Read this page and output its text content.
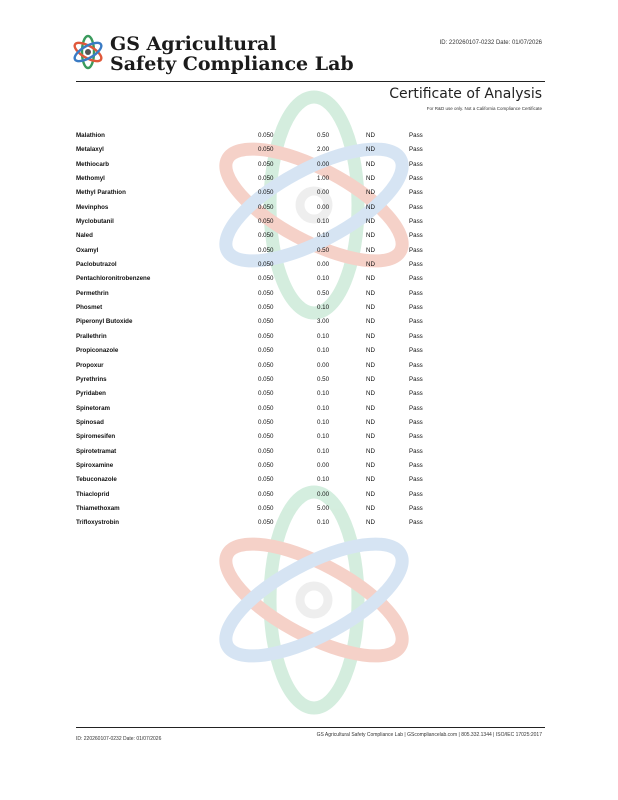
GS Agricultural
Safety Compliance Lab
ID: 220260107-0232 Date: 01/07/2026
Certificate of Analysis
For R&D use only. Not a California Compliance Certificate
Malathion	0.050	0.50	ND	Pass
Metalaxyl	0.050	2.00	ND	Pass
Methiocarb	0.050	0.00	ND	Pass
Methomyl	0.050	1.00	ND	Pass
Methyl Parathion	0.050	0.00	ND	Pass
Mevinphos	0.050	0.00	ND	Pass
Myclobutanil	0.050	0.10	ND	Pass
Naled	0.050	0.10	ND	Pass
Oxamyl	0.050	0.50	ND	Pass
Paclobutrazol	0.050	0.00	ND	Pass
Pentachloronitrobenzene	0.050	0.10	ND	Pass
Permethrin	0.050	0.50	ND	Pass
Phosmet	0.050	0.10	ND	Pass
Piperonyl Butoxide	0.050	3.00	ND	Pass
Prallethrin	0.050	0.10	ND	Pass
Propiconazole	0.050	0.10	ND	Pass
Propoxur	0.050	0.00	ND	Pass
Pyrethrins	0.050	0.50	ND	Pass
Pyridaben	0.050	0.10	ND	Pass
Spinetoram	0.050	0.10	ND	Pass
Spinosad	0.050	0.10	ND	Pass
Spiromesifen	0.050	0.10	ND	Pass
Spirotetramat	0.050	0.10	ND	Pass
Spiroxamine	0.050	0.00	ND	Pass
Tebuconazole	0.050	0.10	ND	Pass
Thiacloprid	0.050	0.00	ND	Pass
Thiamethoxam	0.050	5.00	ND	Pass
Trifloxystrobin	0.050	0.10	ND	Pass
ID: 220260107-0232 Date: 01/07/2026
GS Agricultural Safety Compliance Lab | GScompliancelab.com | 805.332.1344 | ISO/IEC 17025:2017
